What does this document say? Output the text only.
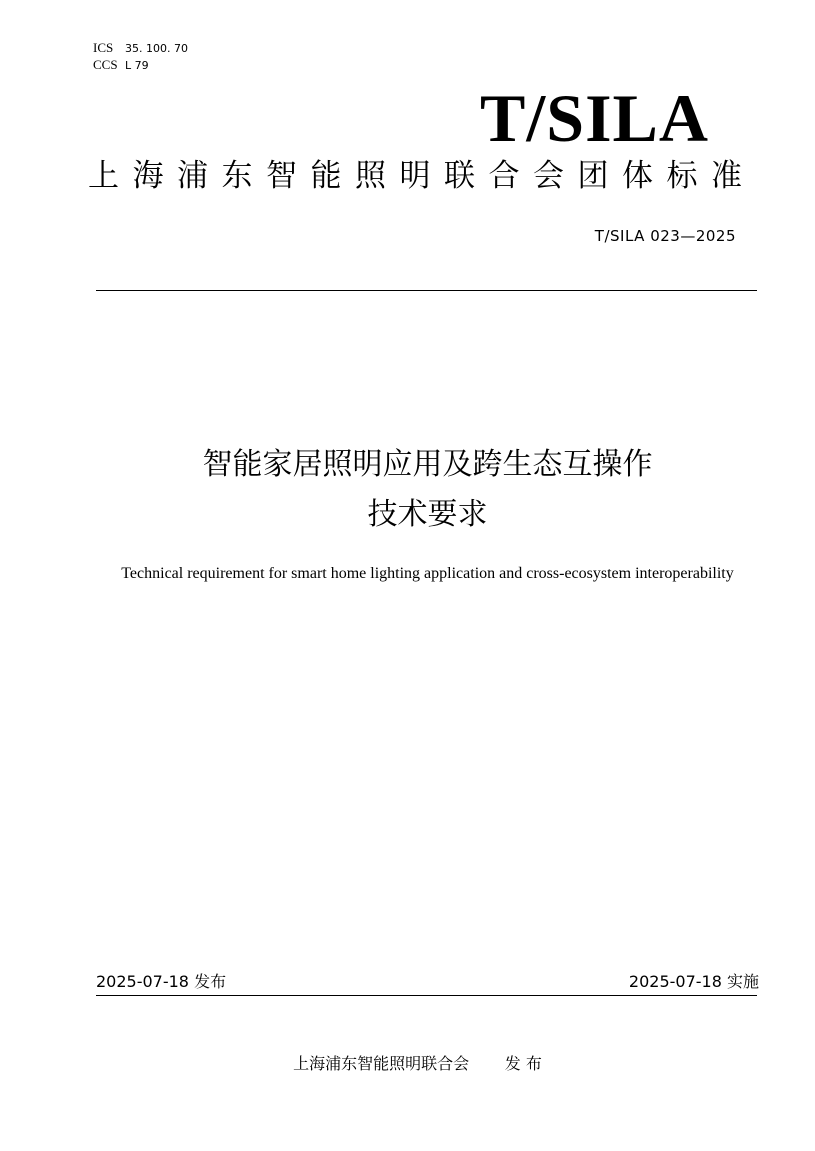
ICS 35. 100. 70
CCS L 79
T/SILA
上海浦东智能照明联合会团体标准
T/SILA 023—2025
智能家居照明应用及跨生态互操作
技术要求
Technical requirement for smart home lighting application and cross-ecosystem interoperability
2025-07-18 发布	2025-07-18 实施
上海浦东智能照明联合会 发 布
